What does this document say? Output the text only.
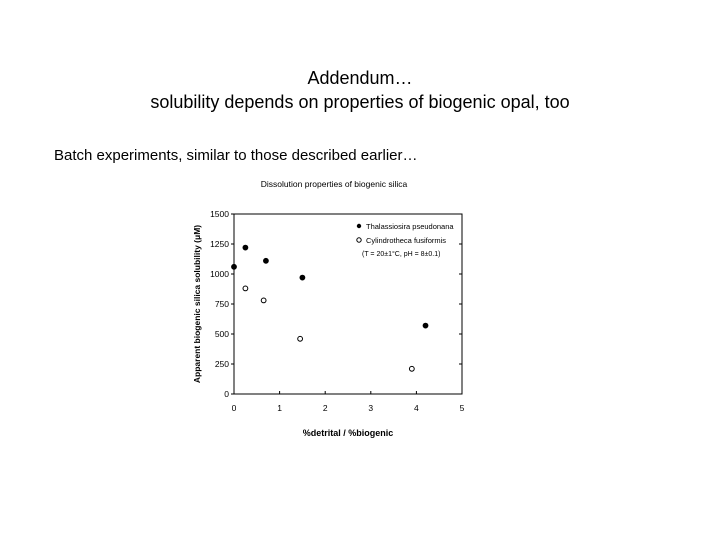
Addendum…
solubility depends on properties of biogenic opal, too
Batch experiments, similar to those described earlier…
Dissolution properties of biogenic silica
0
250
500
750
1000
1250
1500
0	1	2	3	4	5
Apparent biogenic silica solubility (μM)
%detrital / %biogenic
Thalassiosira pseudonana
Cylindrotheca fusiformis
(T = 20±1°C, pH = 8±0.1)
